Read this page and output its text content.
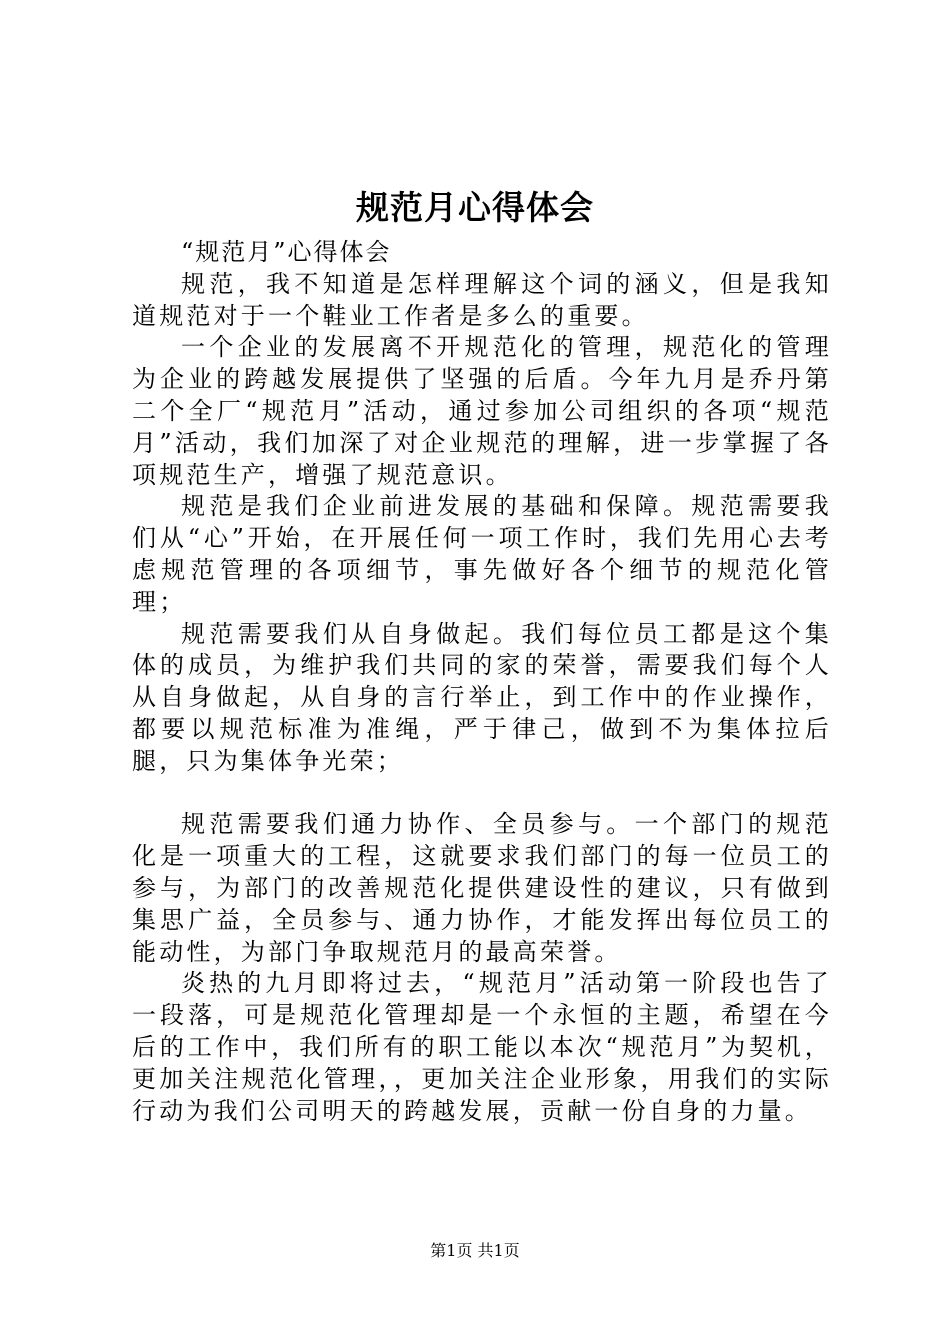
规范月心得体会

“规范月”心得体会

规范，我不知道是怎样理解这个词的涵义，但是我知道规范对于一个鞋业工作者是多么的重要。

一个企业的发展离不开规范化的管理，规范化的管理为企业的跨越发展提供了坚强的后盾。今年九月是乔丹第二个全厂“规范月”活动，通过参加公司组织的各项“规范月”活动，我们加深了对企业规范的理解，进一步掌握了各项规范生产，增强了规范意识。

规范是我们企业前进发展的基础和保障。规范需要我们从“心”开始，在开展任何一项工作时，我们先用心去考虑规范管理的各项细节，事先做好各个细节的规范化管理；

规范需要我们从自身做起。我们每位员工都是这个集体的成员，为维护我们共同的家的荣誉，需要我们每个人从自身做起，从自身的言行举止，到工作中的作业操作，都要以规范标准为准绳，严于律己，做到不为集体拉后腿，只为集体争光荣；

规范需要我们通力协作、全员参与。一个部门的规范化是一项重大的工程，这就要求我们部门的每一位员工的参与，为部门的改善规范化提供建设性的建议，只有做到集思广益，全员参与、通力协作，才能发挥出每位员工的能动性，为部门争取规范月的最高荣誉。

炎热的九月即将过去，“规范月”活动第一阶段也告了一段落，可是规范化管理却是一个永恒的主题，希望在今后的工作中，我们所有的职工能以本次“规范月”为契机，更加关注规范化管理，，更加关注企业形象，用我们的实际行动为我们公司明天的跨越发展，贡献一份自身的力量。

第1页 共1页
